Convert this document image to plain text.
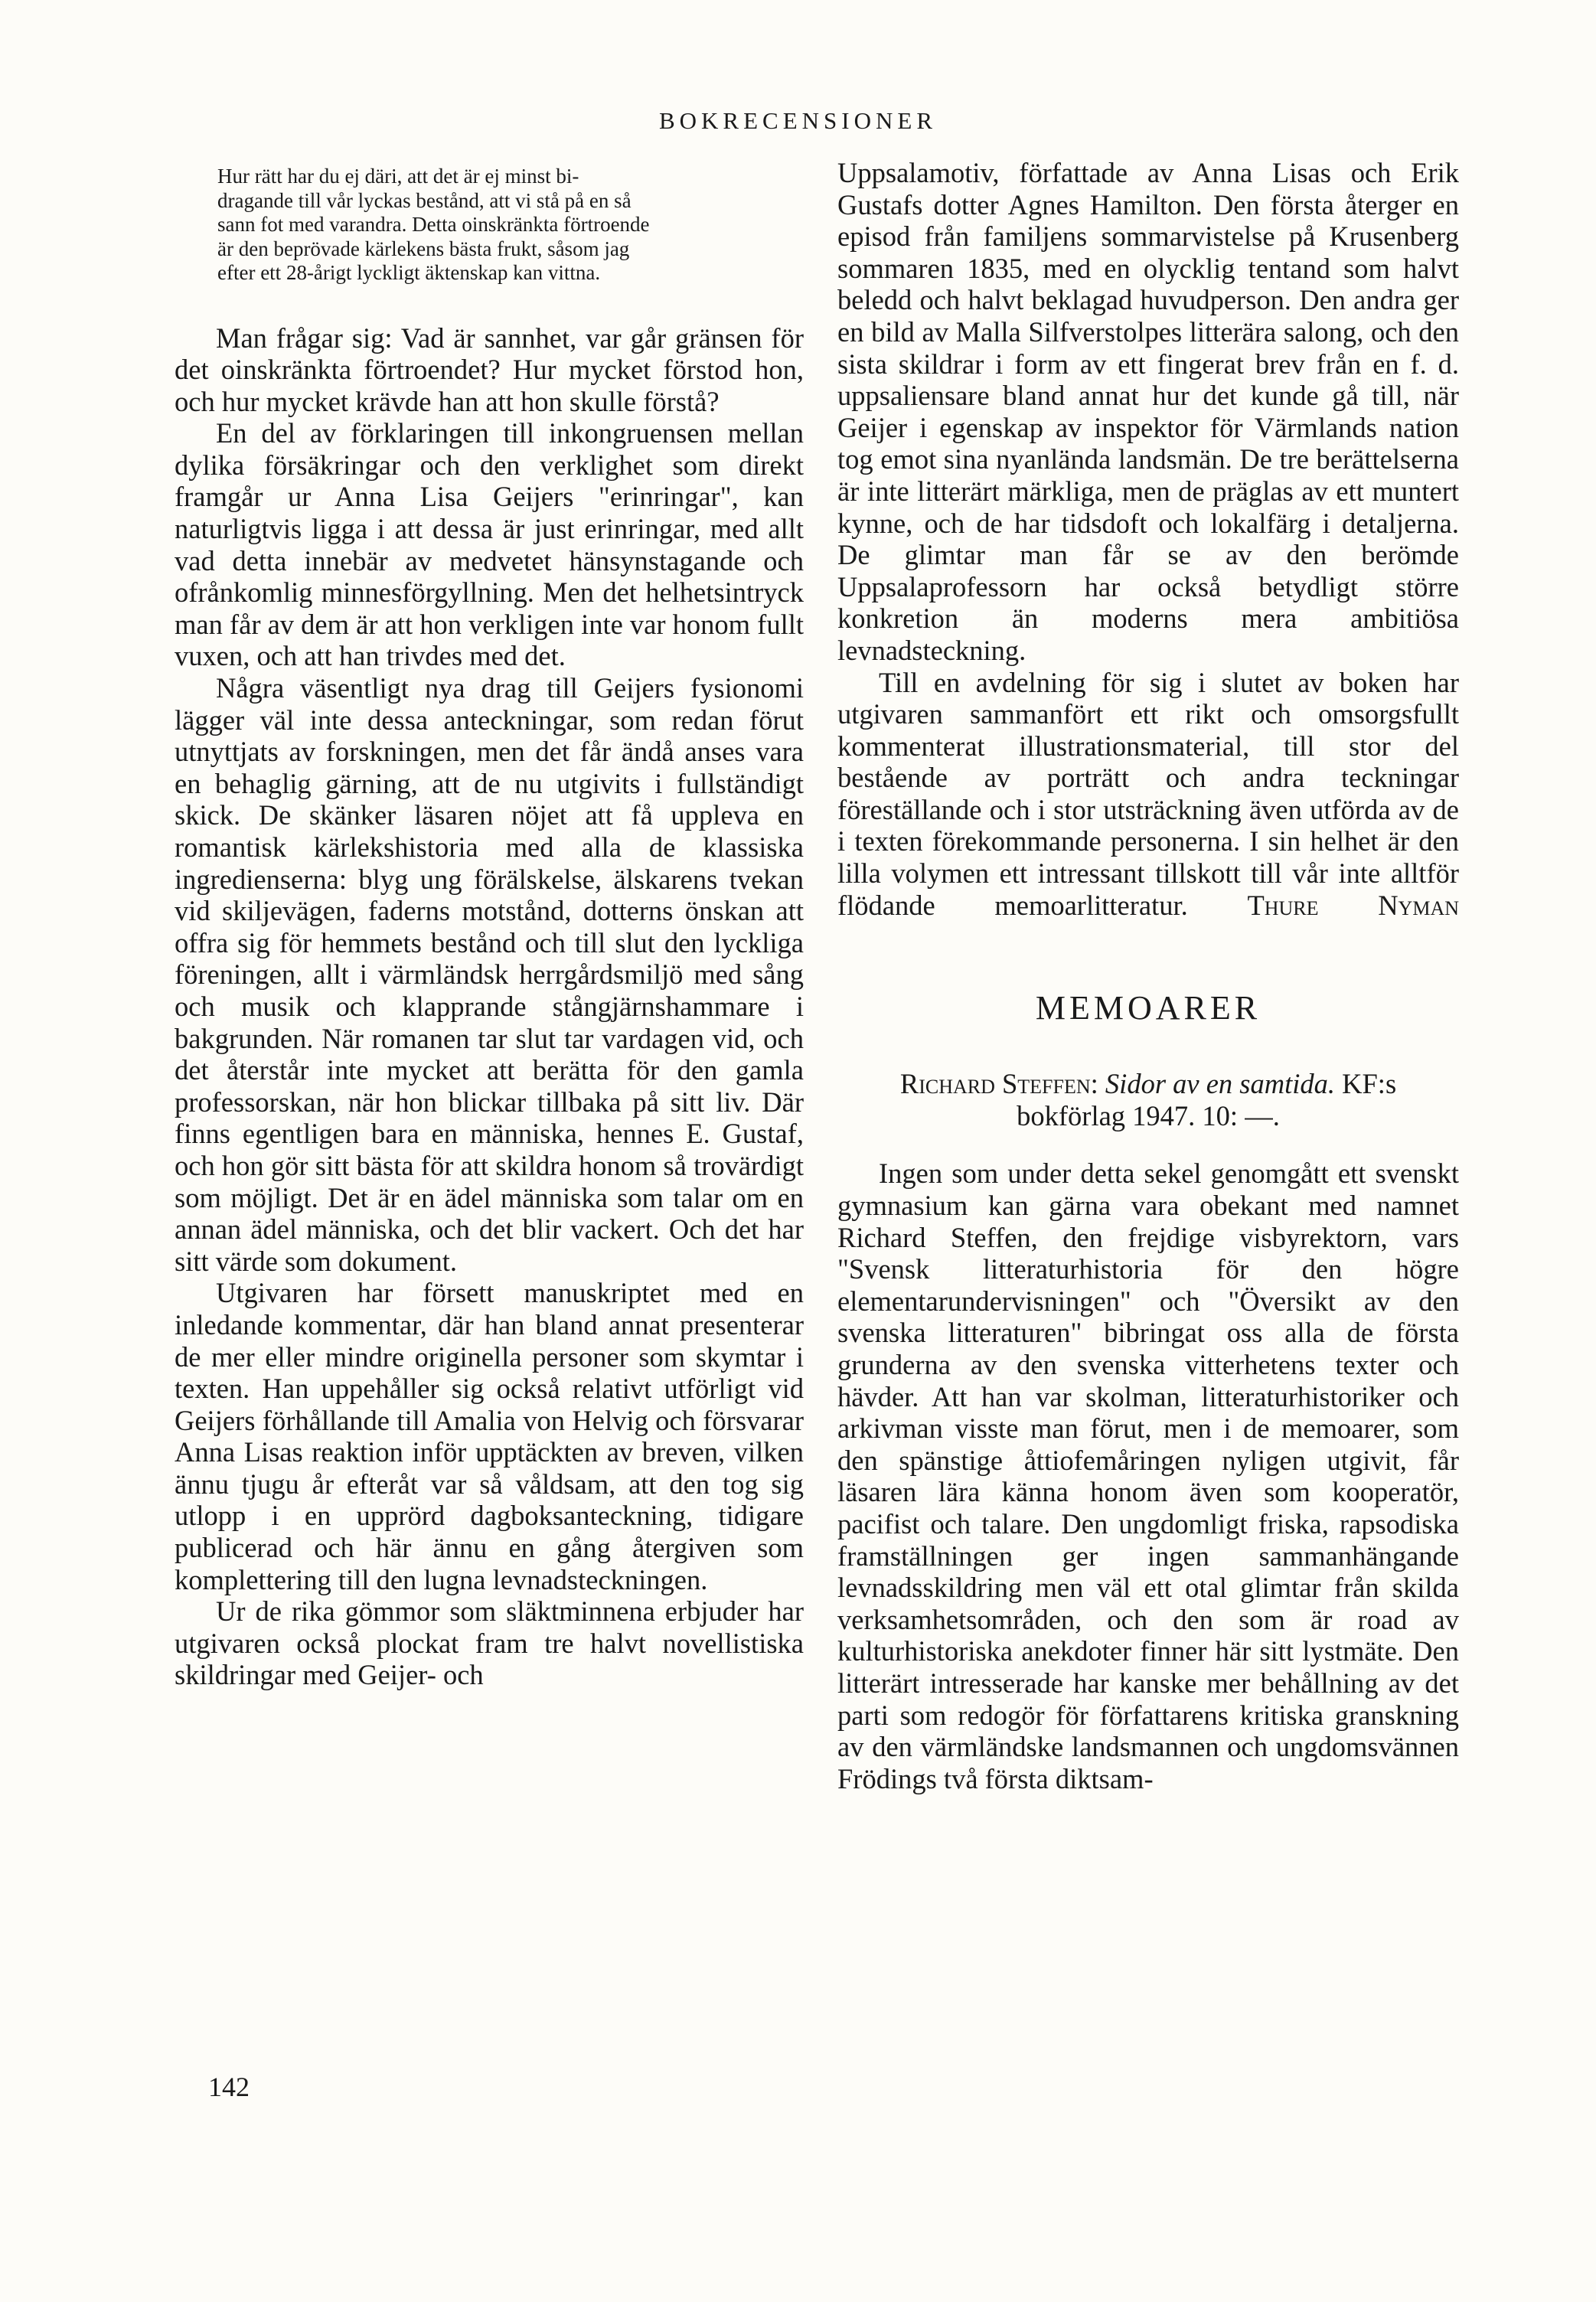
BOKRECENSIONER

Hur rätt har du ej däri, att det är ej minst bi-

dragande till vår lyckas bestånd, att vi stå på en så

sann fot med varandra. Detta oinskränkta förtroende

är den beprövade kärlekens bästa frukt, såsom jag

efter ett 28-årigt lyckligt äktenskap kan vittna.

Man frågar sig: Vad är sannhet, var går gränsen för det oinskränkta förtroendet? Hur mycket förstod hon, och hur mycket krävde han att hon skulle förstå?

En del av förklaringen till inkongruensen mellan dylika försäkringar och den verklighet som direkt framgår ur Anna Lisa Geijers "erinringar", kan naturligtvis ligga i att dessa är just erinringar, med allt vad detta innebär av medvetet hänsynstagande och ofrånkomlig minnesförgyllning. Men det helhetsintryck man får av dem är att hon verkligen inte var honom fullt vuxen, och att han trivdes med det.

Några väsentligt nya drag till Geijers fysionomi lägger väl inte dessa anteckningar, som redan förut utnyttjats av forskningen, men det får ändå anses vara en behaglig gärning, att de nu utgivits i fullständigt skick. De skänker läsaren nöjet att få uppleva en romantisk kärlekshistoria med alla de klassiska ingredienserna: blyg ung förälskelse, älskarens tvekan vid skiljevägen, faderns motstånd, dotterns önskan att offra sig för hemmets bestånd och till slut den lyckliga föreningen, allt i värmländsk herrgårdsmiljö med sång och musik och klapprande stångjärnshammare i bakgrunden. När romanen tar slut tar vardagen vid, och det återstår inte mycket att berätta för den gamla professorskan, när hon blickar tillbaka på sitt liv. Där finns egentligen bara en människa, hennes E. Gustaf, och hon gör sitt bästa för att skildra honom så trovärdigt som möjligt. Det är en ädel människa som talar om en annan ädel människa, och det blir vackert. Och det har sitt värde som dokument.

Utgivaren har försett manuskriptet med en inledande kommentar, där han bland annat presenterar de mer eller mindre originella personer som skymtar i texten. Han uppehåller sig också relativt utförligt vid Geijers förhållande till Amalia von Helvig och försvarar Anna Lisas reaktion inför upptäckten av breven, vilken ännu tjugu år efteråt var så våldsam, att den tog sig utlopp i en upprörd dagboksanteckning, tidigare publicerad och här ännu en gång återgiven som komplettering till den lugna levnadsteckningen.

Ur de rika gömmor som släktminnena erbjuder har utgivaren också plockat fram tre halvt novellistiska skildringar med Geijer- och

Uppsalamotiv, författade av Anna Lisas och Erik Gustafs dotter Agnes Hamilton. Den första återger en episod från familjens sommarvistelse på Krusenberg sommaren 1835, med en olycklig tentand som halvt beledd och halvt beklagad huvudperson. Den andra ger en bild av Malla Silfverstolpes litterära salong, och den sista skildrar i form av ett fingerat brev från en f. d. uppsaliensare bland annat hur det kunde gå till, när Geijer i egenskap av inspektor för Värmlands nation tog emot sina nyanlända landsmän. De tre berättelserna är inte litterärt märkliga, men de präglas av ett muntert kynne, och de har tidsdoft och lokalfärg i detaljerna. De glimtar man får se av den berömde Uppsalaprofessorn har också betydligt större konkretion än moderns mera ambitiösa levnadsteckning.

Till en avdelning för sig i slutet av boken har utgivaren sammanfört ett rikt och omsorgsfullt kommenterat illustrationsmaterial, till stor del bestående av porträtt och andra teckningar föreställande och i stor utsträckning även utförda av de i texten förekommande personerna. I sin helhet är den lilla volymen ett intressant tillskott till vår inte alltför flödande memoarlitteratur. Thure Nyman

MEMOARER
Richard Steffen: Sidor av en samtida. KF:s
bokförlag 1947. 10: —.

Ingen som under detta sekel genomgått ett svenskt gymnasium kan gärna vara obekant med namnet Richard Steffen, den frejdige visbyrektorn, vars "Svensk litteraturhistoria för den högre elementarundervisningen" och "Översikt av den svenska litteraturen" bibringat oss alla de första grunderna av den svenska vitterhetens texter och hävder. Att han var skolman, litteraturhistoriker och arkivman visste man förut, men i de memoarer, som den spänstige åttiofemåringen nyligen utgivit, får läsaren lära känna honom även som kooperatör, pacifist och talare. Den ungdomligt friska, rapsodiska framställningen ger ingen sammanhängande levnadsskildring men väl ett otal glimtar från skilda verksamhetsområden, och den som är road av kulturhistoriska anekdoter finner här sitt lystmäte. Den litterärt intresserade har kanske mer behållning av det parti som redogör för författarens kritiska granskning av den värmländske landsmannen och ungdomsvännen Frödings två första diktsam-

142
